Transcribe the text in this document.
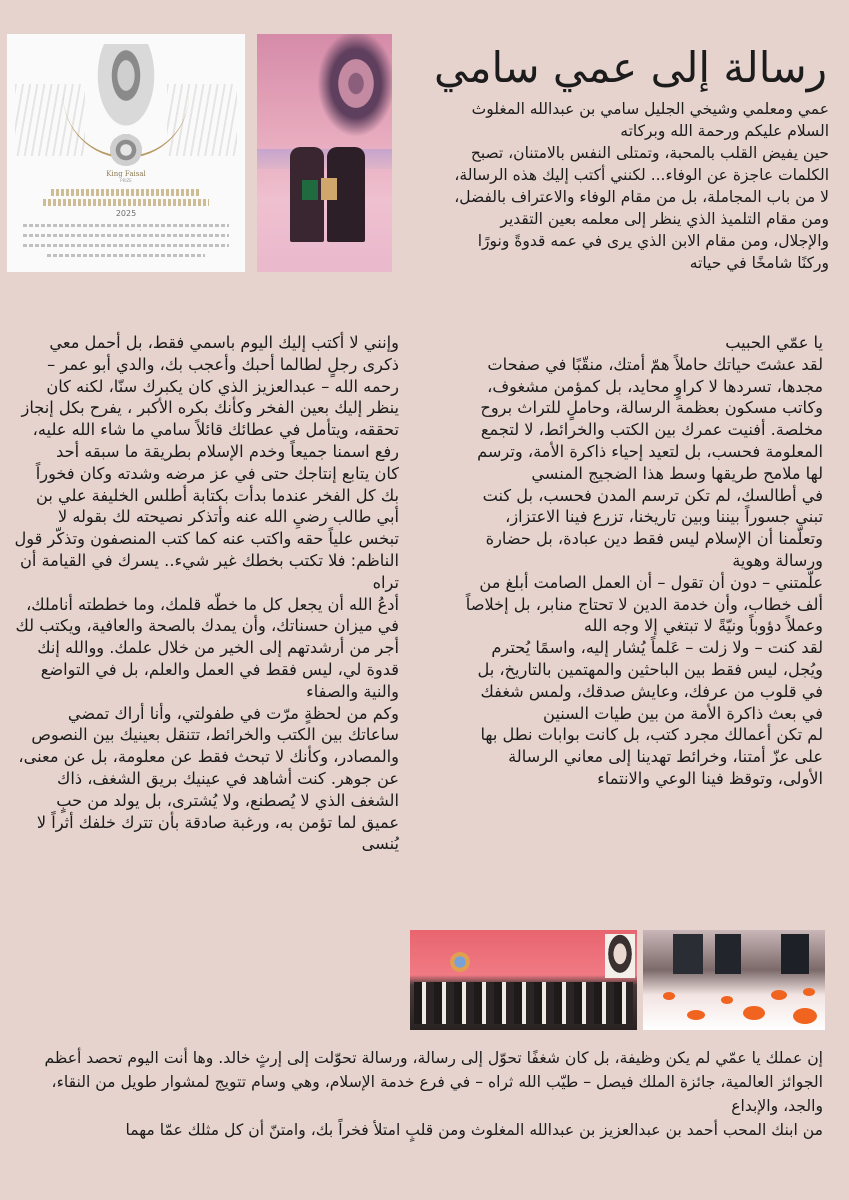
رسالة إلى عمي سامي

عمي ومعلمي وشيخي الجليل سامي بن عبدالله المغلوث

السلام عليكم ورحمة الله وبركاته

حين يفيض القلب بالمحبة، وتمتلى النفس بالامتنان، تصبح الكلمات عاجزة عن الوفاء... لكنني أكتب إليك هذه الرسالة، لا من باب المجاملة، بل من مقام الوفاء والاعتراف بالفضل، ومن مقام التلميذ الذي ينظر إلى معلمه بعين التقدير والإجلال، ومن مقام الابن الذي يرى في عمه قدوةً ونورًا وركنًا شامخًا في حياته

King Faisal
PRIZE
2025

يا عمّي الحبيب

لقد عشتَ حياتك حاملاً همّ أمتك، منقّبًا في صفحات مجدها، تسردها لا كراوٍ محايد، بل كمؤمن مشغوف، وكاتب مسكون بعظمة الرسالة، وحاملٍ للتراث بروح مخلصة. أفنيت عمرك بين الكتب والخرائط، لا لتجمع المعلومة فحسب، بل لتعيد إحياء ذاكرة الأمة، وترسم لها ملامح طريقها وسط هذا الضجيج المنسي

في أطالسك، لم تكن ترسم المدن فحسب، بل كنت تبني جسوراً بيننا وبين تاريخنا، تزرع فينا الاعتزاز، وتعلّمنا أن الإسلام ليس فقط دين عبادة، بل حضارة ورسالة وهوية

علّمتني – دون أن تقول – أن العمل الصامت أبلغ من ألف خطاب، وأن خدمة الدين لا تحتاج منابر، بل إخلاصاً وعملاً دؤوباً ونيّةً لا تبتغي إلا وجه الله

لقد كنت – ولا زلت – عَلماً يُشار إليه، واسمًا يُحترم ويُجل، ليس فقط بين الباحثين والمهتمين بالتاريخ، بل في قلوب من عرفك، وعايش صدقك، ولمس شغفك في بعث ذاكرة الأمة من بين طيات السنين

لم تكن أعمالك مجرد كتب، بل كانت بوابات نطل بها على عزّ أمتنا، وخرائط تهدينا إلى معاني الرسالة الأولى، وتوقظ فينا الوعي والانتماء

وإنني لا أكتب إليك اليوم باسمي فقط، بل أحمل معي ذكرى رجلٍ لطالما أحبك وأعجب بك، والدي أبو عمر – رحمه الله – عبدالعزيز الذي كان يكبرك سنّا، لكنه كان ينظر إليك بعين الفخر وكأنك بكره الأكبر ، يفرح بكل إنجاز تحققه، ويتأمل في عطائك قائلاً سامي ما شاء الله عليه، رفع اسمنا جميعاً وخدم الإسلام بطريقة ما سبقه أحد

كان يتابع إنتاجك حتى في عز مرضه وشدته وكان فخوراً بك كل الفخر عندما بدأت بكتابة أطلس الخليفة علي بن أبي طالب رضيِ الله عنه وأتذكر نصيحته لك بقوله لا تبخس علياً حقه واكتب عنه كما كتب المنصفون وتذكّر قول الناظم: فلا تكتب بخطك غير شيء.. يسرك في القيامة أن تراه

أدعُ الله أن يجعل كل ما خطّه قلمك، وما خططته أناملك، في ميزان حسناتك، وأن يمدك بالصحة والعافية، ويكتب لك أجر من أرشدتهم إلى الخير من خلال علمك. ووالله إنك قدوة لي، ليس فقط في العمل والعلم، بل في التواضع والنية والصفاء

وكم من لحظةٍ مرّت في طفولتي، وأنا أراك تمضي ساعاتك بين الكتب والخرائط، تتنقل بعينيك بين النصوص والمصادر، وكأنك لا تبحث فقط عن معلومة، بل عن معنى، عن جوهر. كنت أشاهد في عينيك بريق الشغف، ذاك الشغف الذي لا يُصطنع، ولا يُشترى، بل يولد من حبٍ عميق لما تؤمن به، ورغبة صادقة بأن تترك خلفك أثراً لا يُنسى

إن عملك يا عمّي لم يكن وظيفة، بل كان شغفًا تحوّل إلى رسالة، ورسالة تحوّلت إلى إرثٍ خالد. وها أنت اليوم تحصد أعظم الجوائز العالمية، جائزة الملك فيصل – طيّب الله ثراه – في فرع خدمة الإسلام، وهي وسام تتويج لمشوار طويل من النقاء، والجد، والإبداع

من ابنك المحب أحمد بن عبدالعزيز بن عبدالله المغلوث ومن قلبٍ امتلأ فخراً بك، وامتنّ أن كل مثلك عمّا مهما
